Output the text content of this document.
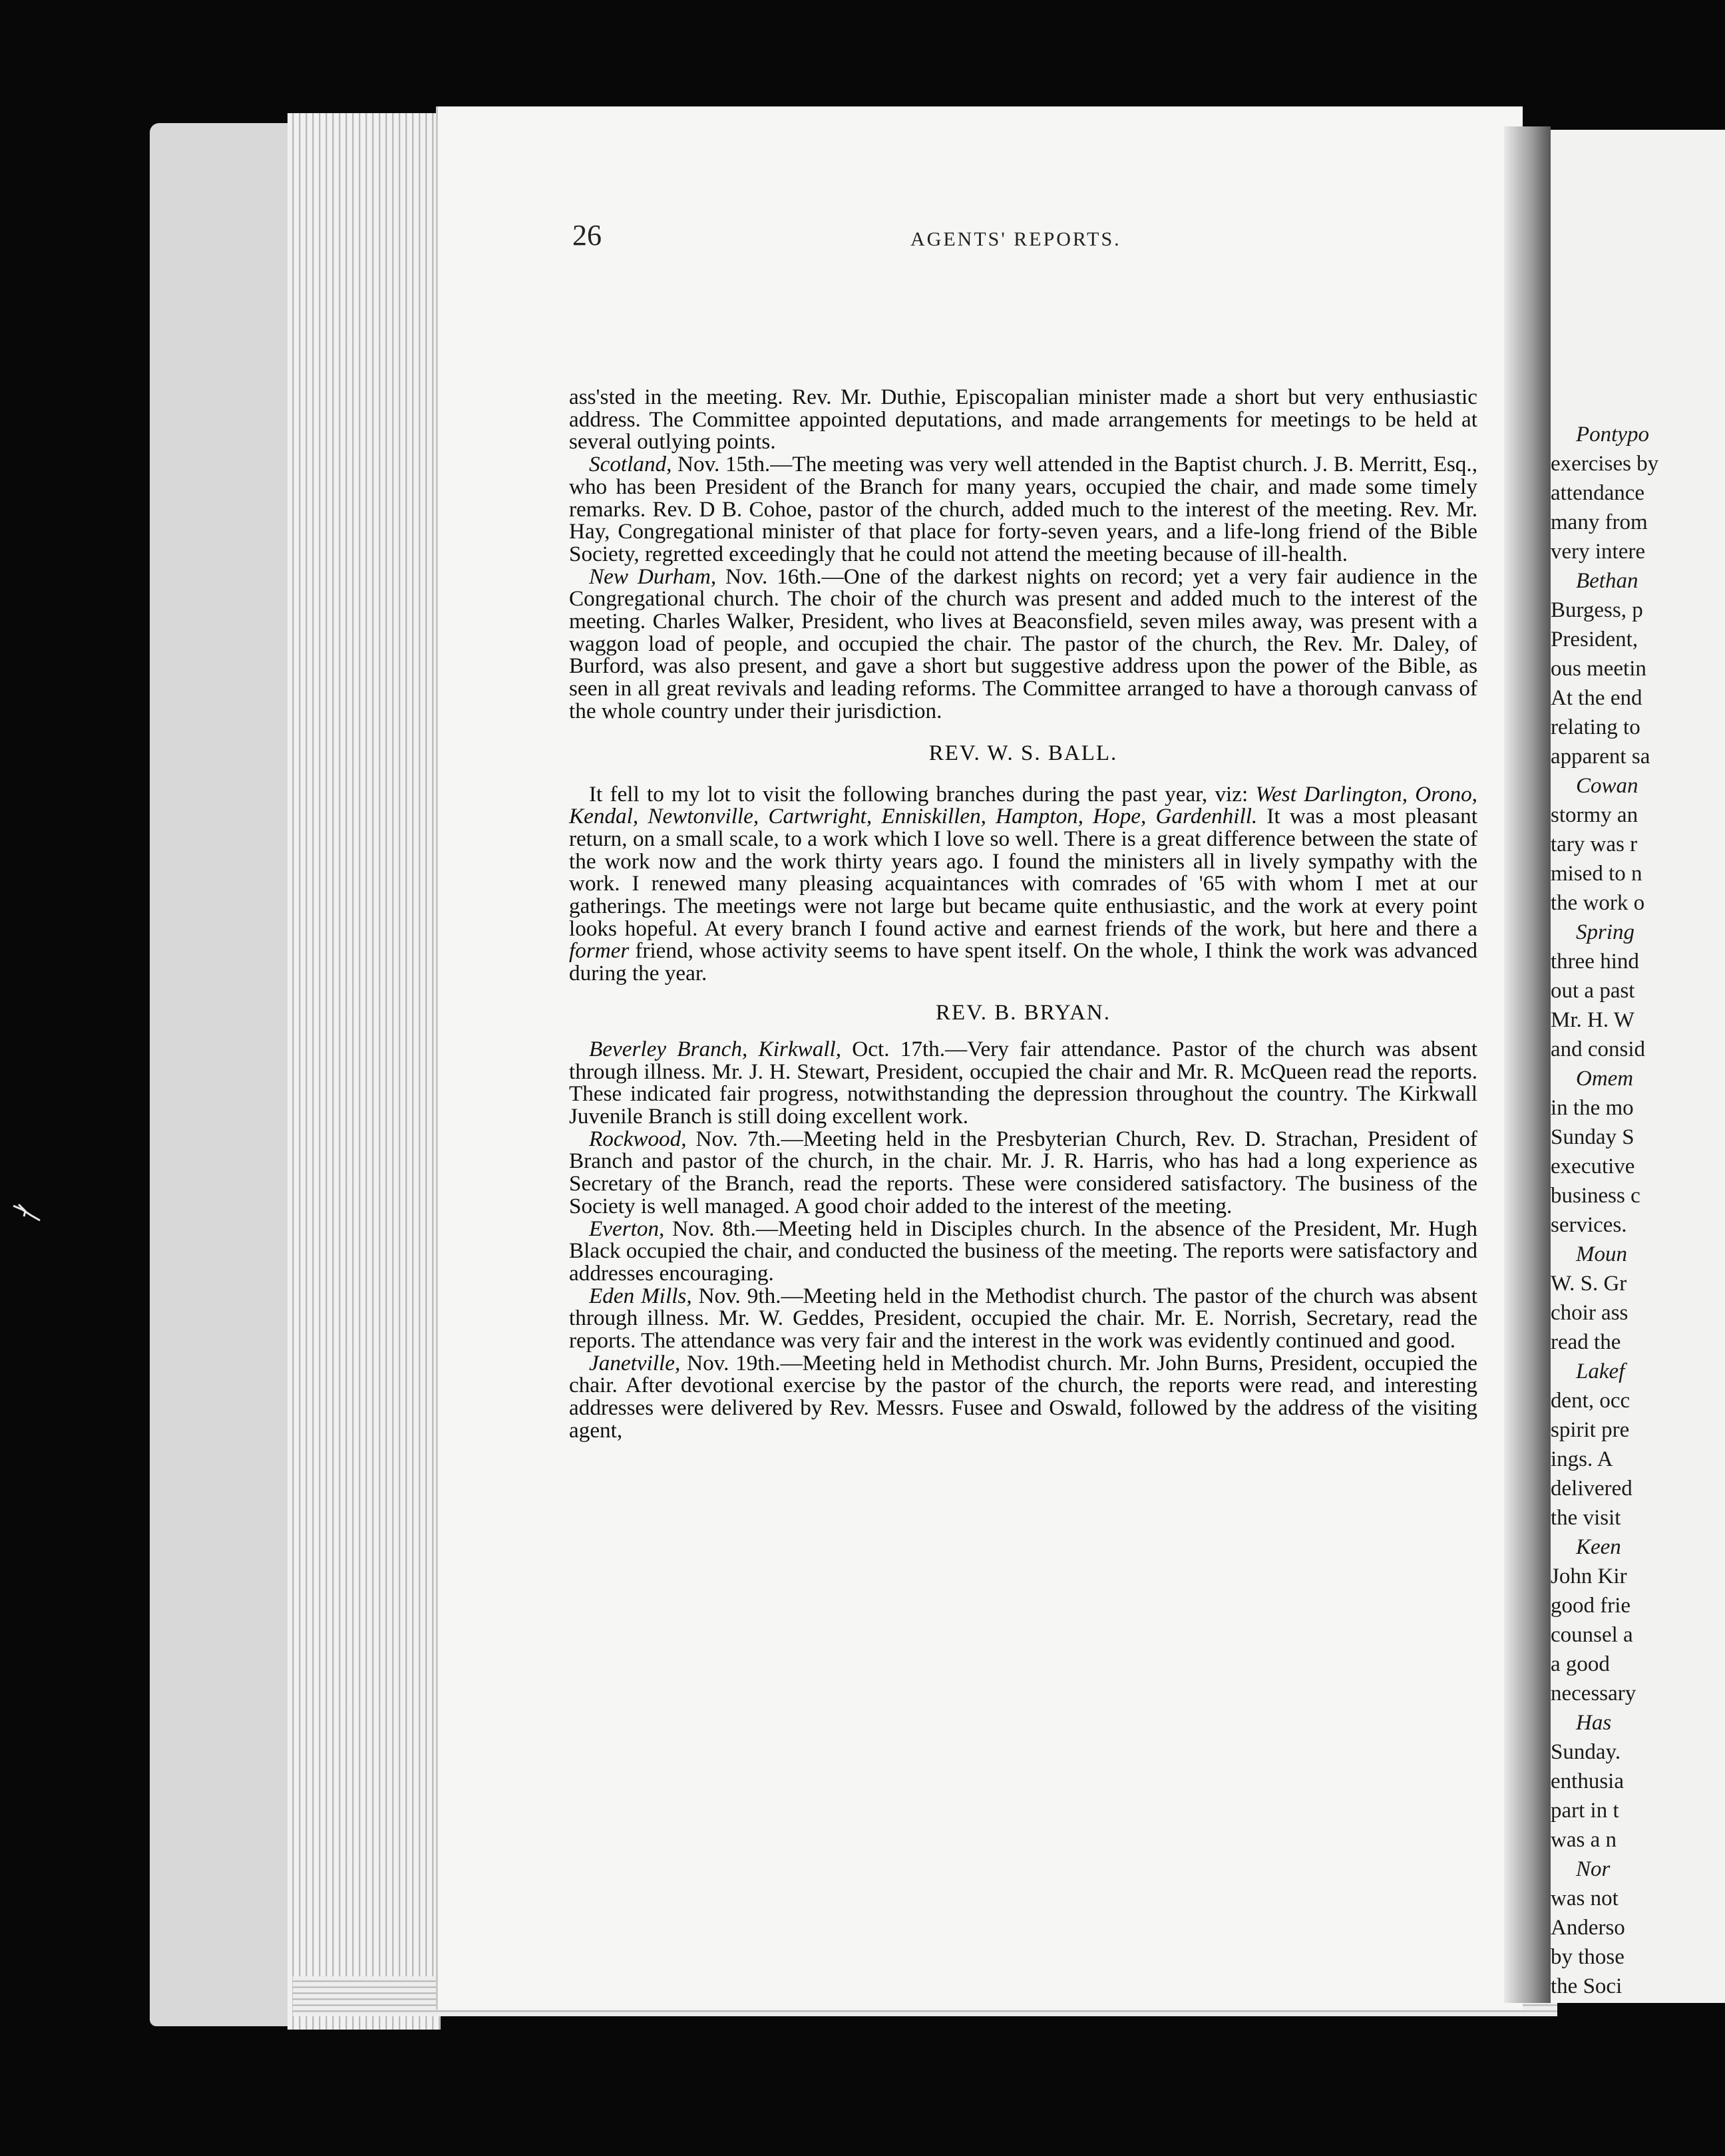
26	AGENTS' REPORTS.

ass'sted in the meeting. Rev. Mr. Duthie, Episcopalian minister made a short but very enthusiastic address. The Committee appointed deputations, and made arrangements for meetings to be held at several outlying points.

Scotland, Nov. 15th.—The meeting was very well attended in the Baptist church. J. B. Merritt, Esq., who has been President of the Branch for many years, occupied the chair, and made some timely remarks. Rev. D B. Cohoe, pastor of the church, added much to the interest of the meeting. Rev. Mr. Hay, Congregational minister of that place for forty-seven years, and a life-long friend of the Bible Society, regretted exceedingly that he could not attend the meeting because of ill-health.

New Durham, Nov. 16th.—One of the darkest nights on record; yet a very fair audience in the Congregational church. The choir of the church was present and added much to the interest of the meeting. Charles Walker, President, who lives at Beaconsfield, seven miles away, was present with a waggon load of people, and occupied the chair. The pastor of the church, the Rev. Mr. Daley, of Burford, was also present, and gave a short but suggestive address upon the power of the Bible, as seen in all great revivals and leading reforms. The Committee arranged to have a thorough canvass of the whole country under their jurisdiction.

REV. W. S. BALL.

It fell to my lot to visit the following branches during the past year, viz: West Darlington, Orono, Kendal, Newtonville, Cartwright, Enniskillen, Hampton, Hope, Gardenhill. It was a most pleasant return, on a small scale, to a work which I love so well. There is a great difference between the state of the work now and the work thirty years ago. I found the ministers all in lively sympathy with the work. I renewed many pleasing acquaintances with comrades of '65 with whom I met at our gatherings. The meetings were not large but became quite enthusiastic, and the work at every point looks hopeful. At every branch I found active and earnest friends of the work, but here and there a former friend, whose activity seems to have spent itself. On the whole, I think the work was advanced during the year.

REV. B. BRYAN.

Beverley Branch, Kirkwall, Oct. 17th.—Very fair attendance. Pastor of the church was absent through illness. Mr. J. H. Stewart, President, occupied the chair and Mr. R. McQueen read the reports. These indicated fair progress, notwithstanding the depression throughout the country. The Kirkwall Juvenile Branch is still doing excellent work.

Rockwood, Nov. 7th.—Meeting held in the Presbyterian Church, Rev. D. Strachan, President of Branch and pastor of the church, in the chair. Mr. J. R. Harris, who has had a long experience as Secretary of the Branch, read the reports. These were considered satisfactory. The business of the Society is well managed. A good choir added to the interest of the meeting.

Everton, Nov. 8th.—Meeting held in Disciples church. In the absence of the President, Mr. Hugh Black occupied the chair, and conducted the business of the meeting. The reports were satisfactory and addresses encouraging.

Eden Mills, Nov. 9th.—Meeting held in the Methodist church. The pastor of the church was absent through illness. Mr. W. Geddes, President, occupied the chair. Mr. E. Norrish, Secretary, read the reports. The attendance was very fair and the interest in the work was evidently continued and good.

Janetville, Nov. 19th.—Meeting held in Methodist church. Mr. John Burns, President, occupied the chair. After devotional exercise by the pastor of the church, the reports were read, and interesting addresses were delivered by Rev. Messrs. Fusee and Oswald, followed by the address of the visiting agent,

Pontypo
exercises by
attendance
many from
very intere
Bethan
Burgess, p
President,
ous meetin
At the end
relating to
apparent sa
Cowan
stormy an
tary was r
mised to n
the work o
Spring
three hind
out a past
Mr. H. W
and consid
Omem
in the mo
Sunday S
executive
business c
services.
Moun
W. S. Gr
choir ass
read the
Lakef
dent, occ
spirit pre
ings. A
delivered
the visit
Keen
John Kir
good frie
counsel a
a good
necessary
Has
Sunday.
enthusia
part in t
was a n
Nor
was not
Anderso
by those
the Soci
